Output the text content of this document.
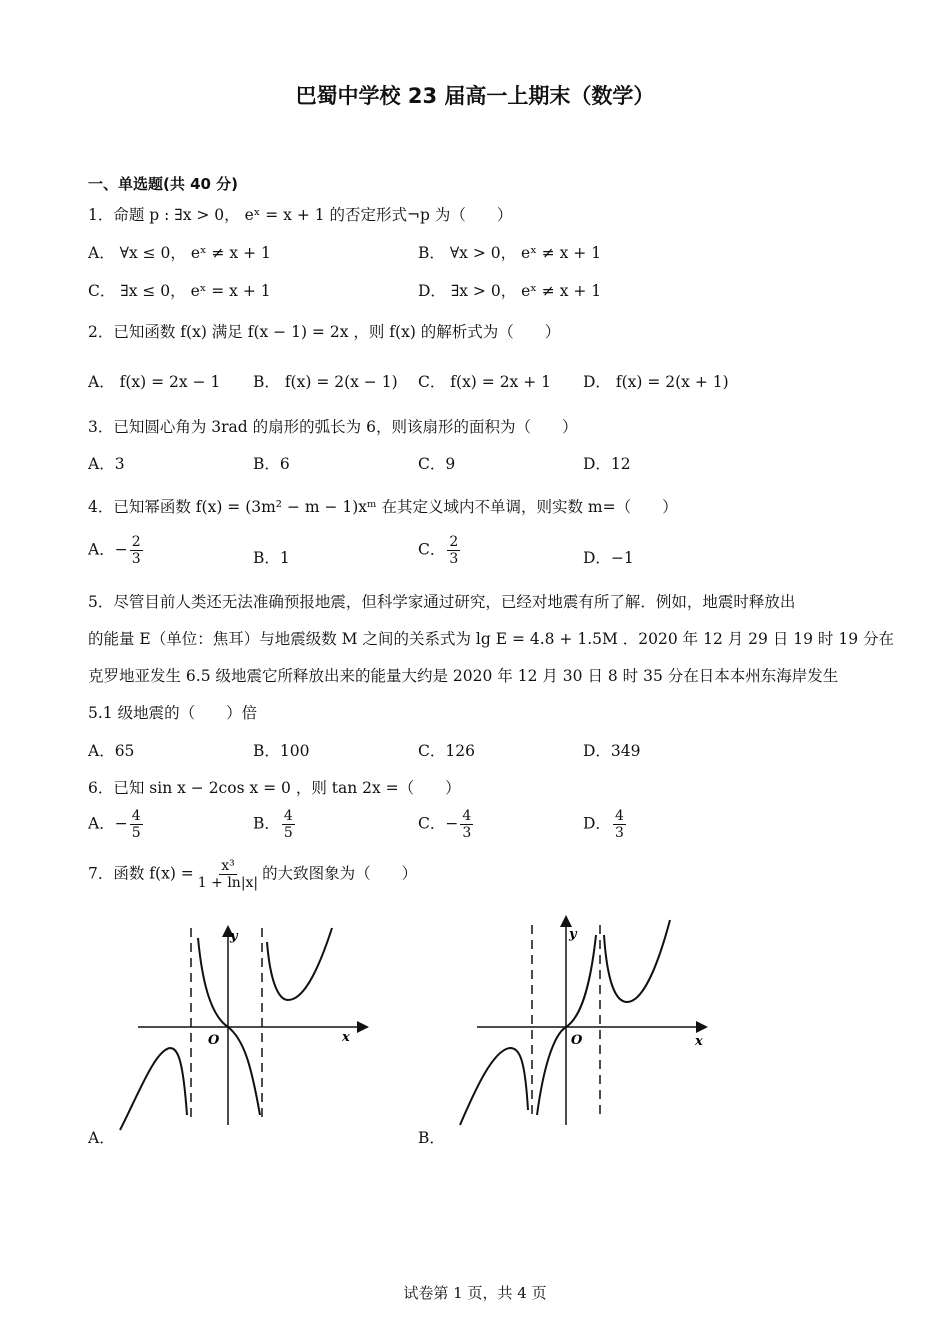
巴蜀中学校 23 届高一上期末（数学）
一、单选题(共 40 分)
1．命题 p : ∃x > 0， eˣ = x + 1 的否定形式¬p 为（　　）
A． ∀x ≤ 0， eˣ ≠ x + 1	B． ∀x > 0， eˣ ≠ x + 1
C． ∃x ≤ 0， eˣ = x + 1	D． ∃x > 0， eˣ ≠ x + 1
2．已知函数 f(x) 满足 f(x − 1) = 2x ，则 f(x) 的解析式为（　　）
A． f(x) = 2x − 1 B． f(x) = 2(x − 1) C． f(x) = 2x + 1 D． f(x) = 2(x + 1)
3．已知圆心角为 3rad 的扇形的弧长为 6，则该扇形的面积为（　　）
A．3	B．6	C．9	D．12
4．已知幂函数 f(x) = (3m² − m − 1)xᵐ 在其定义域内不单调，则实数 m=（　　）
A．− $\frac{2}{3}$	B．1	C． $\frac{2}{3}$	D．−1
5．尽管目前人类还无法准确预报地震，但科学家通过研究，已经对地震有所了解．例如，地震时释放出
的能量 E（单位：焦耳）与地震级数 M 之间的关系式为 lg E = 4.8 + 1.5M ．2020 年 12 月 29 日 19 时 19 分在
克罗地亚发生 6.5 级地震它所释放出来的能量大约是 2020 年 12 月 30 日 8 时 35 分在日本本州东海岸发生
5.1 级地震的（　　）倍
A．65	B．100	C．126	D．349
6．已知 sin x − 2cos x = 0 ，则 tan 2x =（　　）
A．− $\frac{4}{5}$	B． $\frac{4}{5}$	C．− $\frac{4}{3}$	D． $\frac{4}{3}$
7．函数 $f(x) = \frac{\text{x³}}{1 + \ln|x|}$ 的大致图象为（　　）
y
x
O
A．
y
x
O
B．
试卷第 1 页，共 4 页
